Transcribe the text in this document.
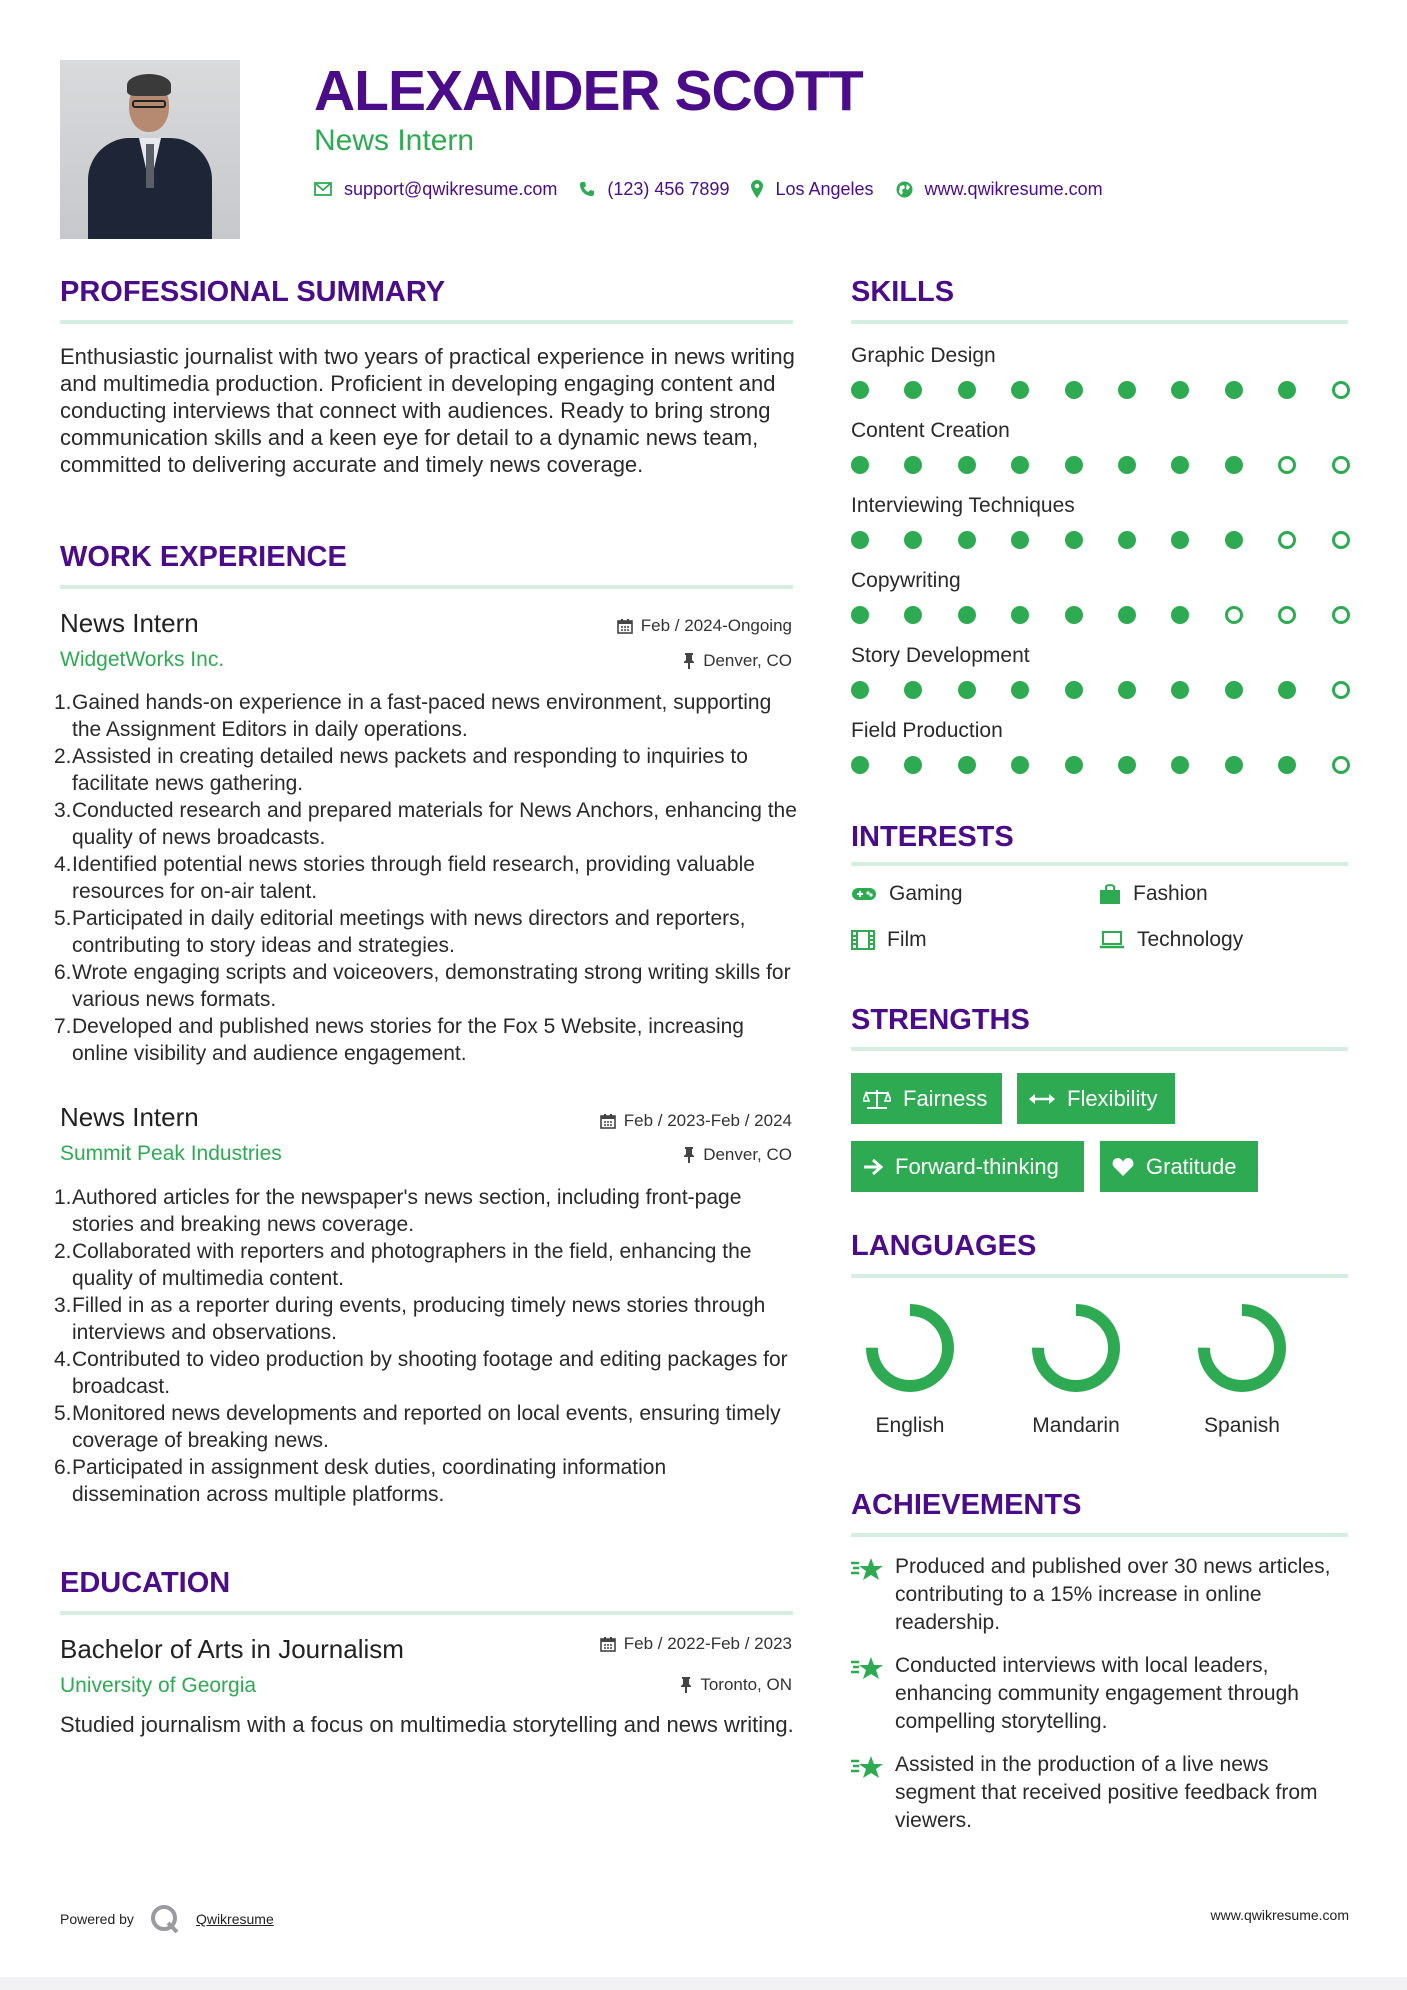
ALEXANDER SCOTT
News Intern
support@qwikresume.com	(123) 456 7899	Los Angeles	www.qwikresume.com
PROFESSIONAL SUMMARY
Enthusiastic journalist with two years of practical experience in news writing and multimedia production. Proficient in developing engaging content and conducting interviews that connect with audiences. Ready to bring strong communication skills and a keen eye for detail to a dynamic news team, committed to delivering accurate and timely news coverage.
WORK EXPERIENCE
News Intern	Feb / 2024-Ongoing
WidgetWorks Inc.	Denver, CO
1. Gained hands-on experience in a fast-paced news environment, supporting the Assignment Editors in daily operations.
2. Assisted in creating detailed news packets and responding to inquiries to facilitate news gathering.
3. Conducted research and prepared materials for News Anchors, enhancing the quality of news broadcasts.
4. Identified potential news stories through field research, providing valuable resources for on-air talent.
5. Participated in daily editorial meetings with news directors and reporters, contributing to story ideas and strategies.
6. Wrote engaging scripts and voiceovers, demonstrating strong writing skills for various news formats.
7. Developed and published news stories for the Fox 5 Website, increasing online visibility and audience engagement.
News Intern	Feb / 2023-Feb / 2024
Summit Peak Industries	Denver, CO
1. Authored articles for the newspaper's news section, including front-page stories and breaking news coverage.
2. Collaborated with reporters and photographers in the field, enhancing the quality of multimedia content.
3. Filled in as a reporter during events, producing timely news stories through interviews and observations.
4. Contributed to video production by shooting footage and editing packages for broadcast.
5. Monitored news developments and reported on local events, ensuring timely coverage of breaking news.
6. Participated in assignment desk duties, coordinating information dissemination across multiple platforms.
EDUCATION
Bachelor of Arts in Journalism	Feb / 2022-Feb / 2023
University of Georgia	Toronto, ON
Studied journalism with a focus on multimedia storytelling and news writing.
SKILLS
Graphic Design
Content Creation
Interviewing Techniques
Copywriting
Story Development
Field Production
INTERESTS
Gaming	Fashion
Film	Technology
STRENGTHS
Fairness	Flexibility
Forward-thinking	Gratitude
LANGUAGES
English	Mandarin	Spanish
ACHIEVEMENTS
Produced and published over 30 news articles, contributing to a 15% increase in online readership.
Conducted interviews with local leaders, enhancing community engagement through compelling storytelling.
Assisted in the production of a live news segment that received positive feedback from viewers.
Powered by	Qwikresume	www.qwikresume.com
